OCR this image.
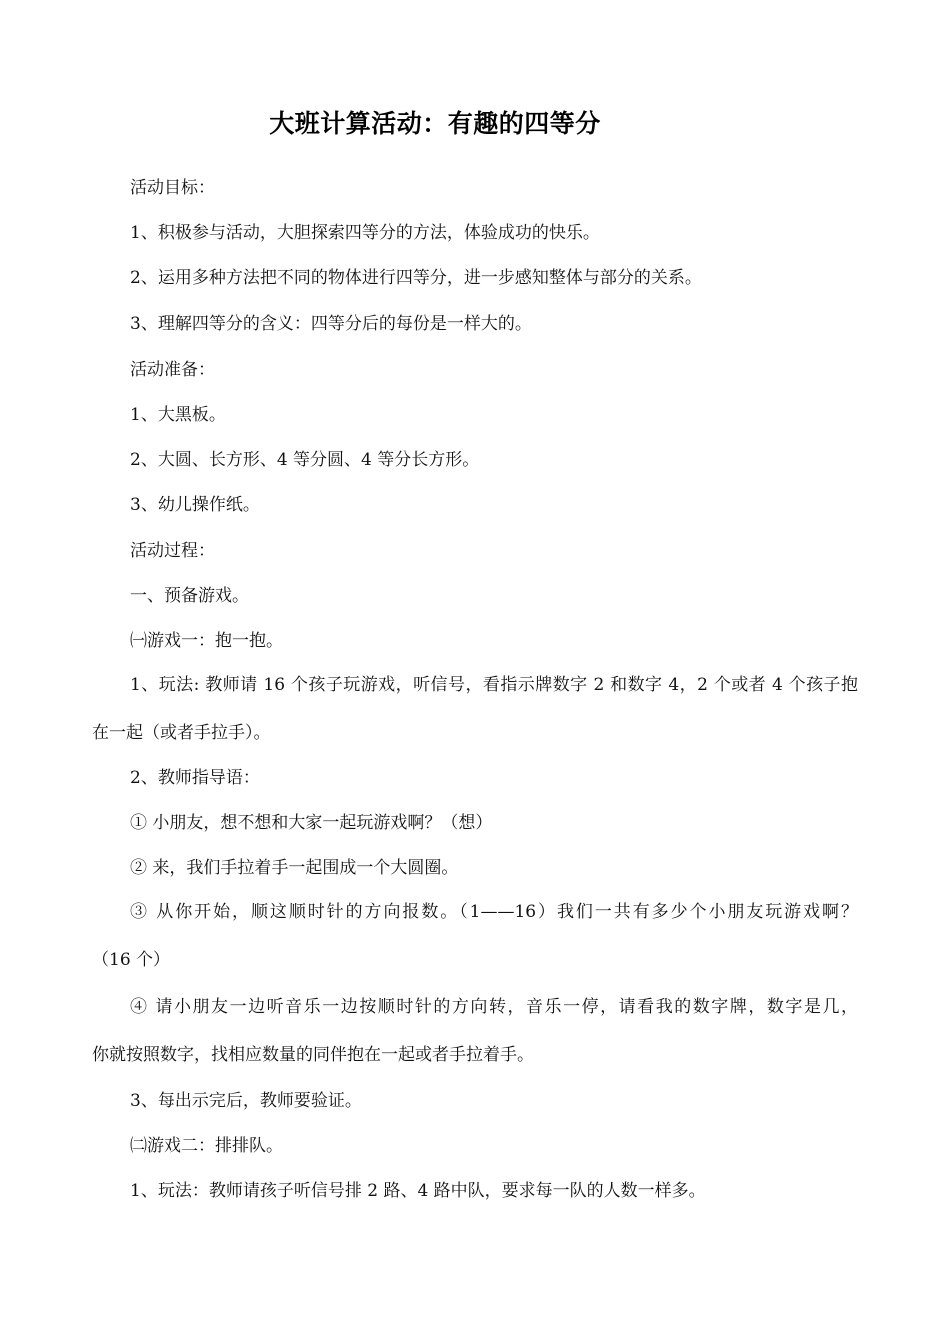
大班计算活动：有趣的四等分
活动目标：
1、积极参与活动，大胆探索四等分的方法，体验成功的快乐。
2、运用多种方法把不同的物体进行四等分，进一步感知整体与部分的关系。
3、理解四等分的含义：四等分后的每份是一样大的。
活动准备：
1、大黑板。
2、大圆、长方形、4 等分圆、4 等分长方形。
3、幼儿操作纸。
活动过程：
一、预备游戏。
㈠游戏一：抱一抱。
1、玩法: 教师请 16 个孩子玩游戏，听信号，看指示牌数字 2 和数字 4，2 个或者 4 个孩子抱
在一起（或者手拉手）。
2、教师指导语：
① 小朋友，想不想和大家一起玩游戏啊？（想）
② 来，我们手拉着手一起围成一个大圆圈。
③ 从你开始，顺这顺时针的方向报数。（1——16）我们一共有多少个小朋友玩游戏啊？
（16 个）
④ 请小朋友一边听音乐一边按顺时针的方向转，音乐一停，请看我的数字牌，数字是几，
你就按照数字，找相应数量的同伴抱在一起或者手拉着手。
3、每出示完后，教师要验证。
㈡游戏二：排排队。
1、玩法：教师请孩子听信号排 2 路、4 路中队，要求每一队的人数一样多。
